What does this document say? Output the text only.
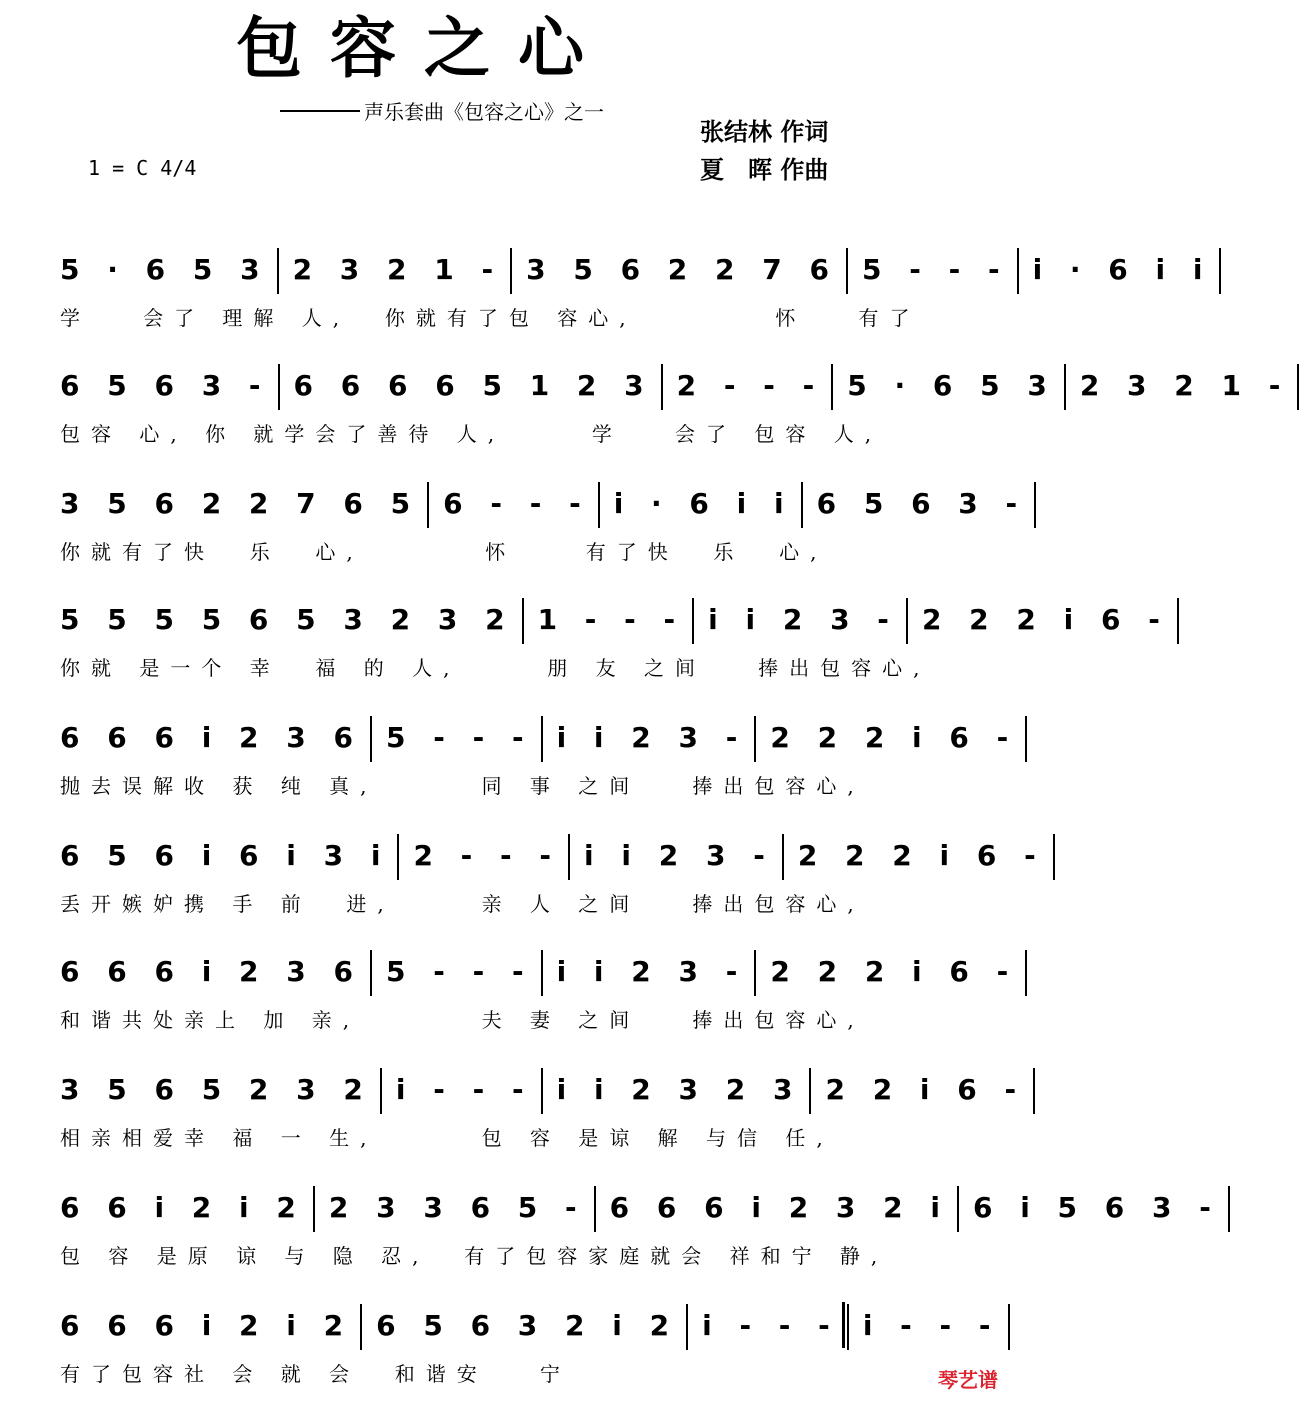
包容之心
声乐套曲《包容之心》之一
张结林 作词
夏　晖 作曲
1 = C 4/4
5 · 6 5 3 2 3 2 1 - 3 5 6 2 2 7 6 5 - - - i · 6 i i
学   会了 理解 人,  你就有了包 容心,        怀   有了
6 5 6 3 - 6 6 6 6 5 1 2 3 2 - - - 5 · 6 5 3 2 3 2 1 -
包容 心, 你 就学会了善待 人,     学   会了 包容 人,
3 5 6 2 2 7 6 5 6 - - - i · 6 i i 6 5 6 3 -
你就有了快  乐  心,       怀    有了快  乐  心,
5 5 5 5 6 5 3 2 3 2 1 - - - i i 2 3 - 2 2 2 i 6 -
你就 是一个 幸  福 的 人,     朋 友 之间   捧出包容心,
6 6 6 i 2 3 6 5 - - - i i 2 3 - 2 2 2 i 6 -
抛去误解收 获 纯 真,      同 事 之间   捧出包容心,
6 5 6 i 6 i 3 i 2 - - - i i 2 3 - 2 2 2 i 6 -
丢开嫉妒携 手 前  进,     亲 人 之间   捧出包容心,
6 6 6 i 2 3 6 5 - - - i i 2 3 - 2 2 2 i 6 -
和谐共处亲上 加 亲,       夫 妻 之间   捧出包容心,
3 5 6 5 2 3 2 i - - - i i 2 3 2 3 2 2 i 6 -
相亲相爱幸 福 一 生,      包 容 是谅 解 与信 任,
6 6 i 2 i 2 2 3 3 6 5 - 6 6 6 i 2 3 2 i 6 i 5 6 3 -
包 容 是原 谅 与 隐 忍,  有了包容家庭就会 祥和宁 静,
6 6 6 i 2 i 2 6 5 6 3 2 i 2 i - - - i - - -
有了包容社 会 就 会  和谐安   宁	琴艺谱
